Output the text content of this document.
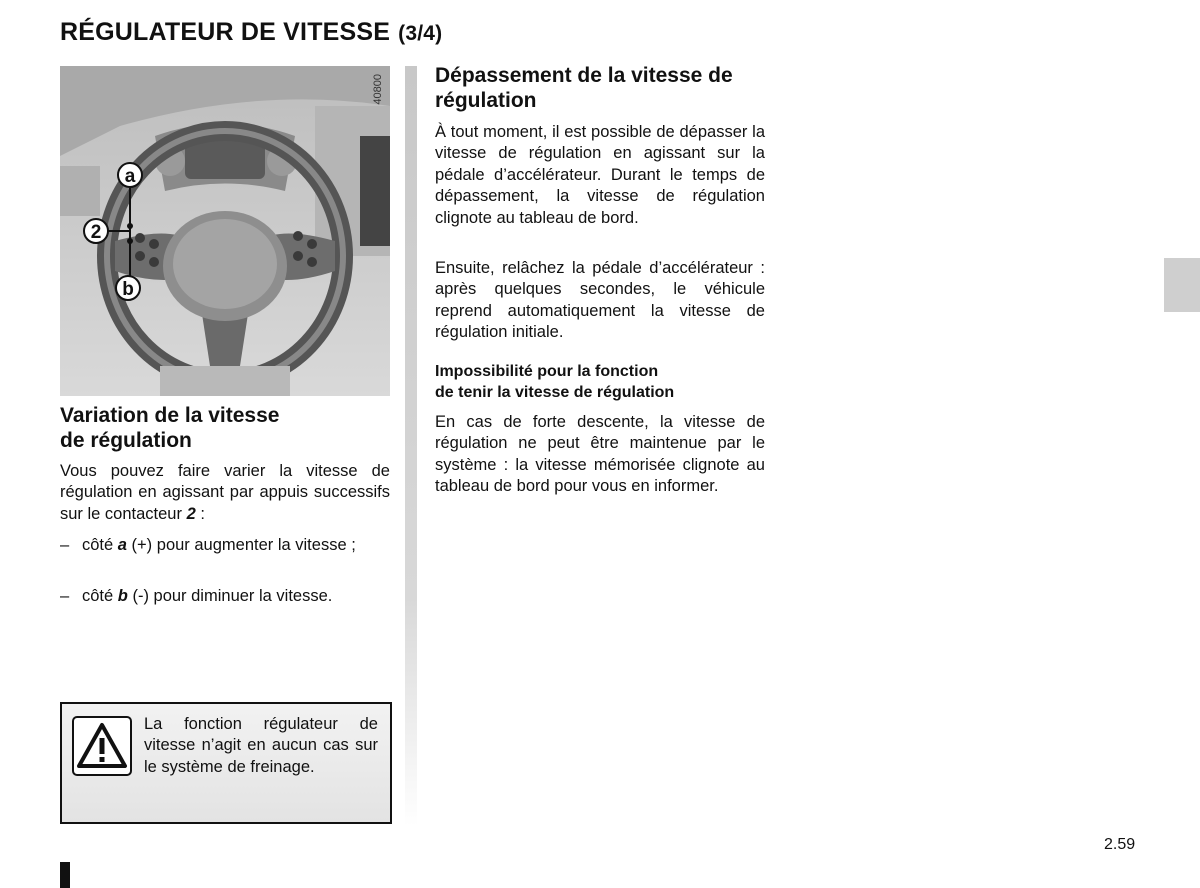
RÉGULATEUR DE VITESSE (3/4)
a
2
b
40800
Variation de la vitesse
de régulation
Vous pouvez faire varier la vitesse de régulation en agissant par appuis successifs sur le contacteur 2 :
– côté a (+) pour augmenter la vitesse ;
– côté b (-) pour diminuer la vitesse.
La fonction régulateur de vitesse n’agit en aucun cas sur le système de freinage.
Dépassement de la vitesse de
régulation
À tout moment, il est possible de dépasser la vitesse de régulation en agissant sur la pédale d’accélérateur. Durant le temps de dépassement, la vitesse de régulation clignote au tableau de bord.
Ensuite, relâchez la pédale d’accélérateur : après quelques secondes, le véhicule reprend automatiquement la vitesse de régulation initiale.
Impossibilité pour la fonction
de tenir la vitesse de régulation
En cas de forte descente, la vitesse de régulation ne peut être maintenue par le système : la vitesse mémorisée clignote au tableau de bord pour vous en informer.
2.59
